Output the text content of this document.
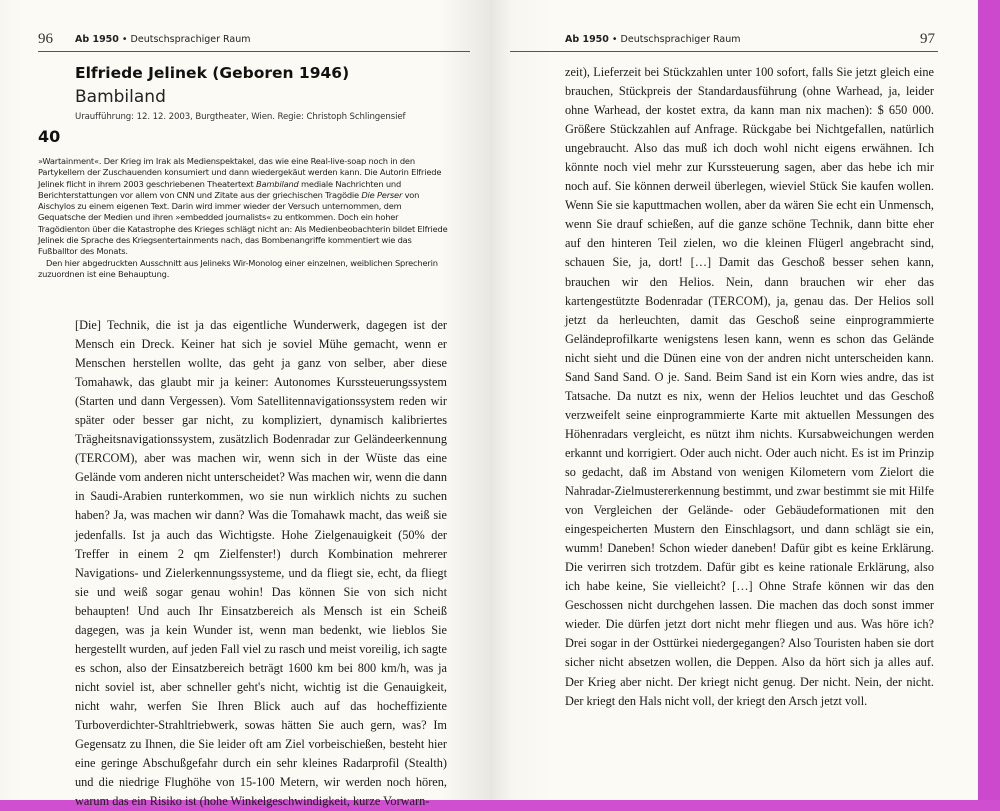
96 Ab 1950 • Deutschsprachiger Raum
Elfriede Jelinek (Geboren 1946)
Bambiland
Uraufführung: 12. 12. 2003, Burgtheater, Wien. Regie: Christoph Schlingensief
40

»Wartainment«. Der Krieg im Irak als Medienspektakel, das wie eine Real-live-soap noch in den Partykellern der Zuschauenden konsumiert und dann wiedergekäut werden kann. Die Autorin Elfriede Jelinek flicht in ihrem 2003 geschriebenen Theatertext Bambiland mediale Nachrichten und Berichterstattungen vor allem von CNN und Zitate aus der griechischen Tragödie Die Perser von Aischylos zu einem eigenen Text. Darin wird immer wieder der Versuch unternommen, dem Gequatsche der Medien und ihren »embedded journalists« zu entkommen. Doch ein hoher Tragödienton über die Katastrophe des Krieges schlägt nicht an: Als Medienbeobachterin bildet Elfriede Jelinek die Sprache des Kriegsentertainments nach, das Bombenangriffe kommentiert wie das Fußballtor des Monats.

Den hier abgedruckten Ausschnitt aus Jelineks Wir-Monolog einer einzelnen, weiblichen Sprecherin zuzuordnen ist eine Behauptung.

[Die] Technik, die ist ja das eigentliche Wunderwerk, dagegen ist der Mensch ein Dreck. Keiner hat sich je soviel Mühe gemacht, wenn er Menschen herstellen wollte, das geht ja ganz von selber, aber diese Tomahawk, das glaubt mir ja keiner: Autonomes Kurssteuerungssystem (Starten und dann Vergessen). Vom Satellitennavigationssystem reden wir später oder besser gar nicht, zu kompliziert, dynamisch kalibriertes Trägheitsnavigationssystem, zusätzlich Bodenradar zur Geländeerkennung (TERCOM), aber was machen wir, wenn sich in der Wüste das eine Gelände vom anderen nicht unterscheidet? Was machen wir, wenn die dann in Saudi-Arabien runterkommen, wo sie nun wirklich nichts zu suchen haben? Ja, was machen wir dann? Was die Tomahawk macht, das weiß sie jedenfalls. Ist ja auch das Wichtigste. Hohe Zielgenauigkeit (50% der Treffer in einem 2 qm Zielfenster!) durch Kombination mehrerer Navigations- und Zielerkennungssysteme, und da fliegt sie, echt, da fliegt sie und weiß sogar genau wohin! Das können Sie von sich nicht behaupten! Und auch Ihr Einsatzbereich als Mensch ist ein Scheiß dagegen, was ja kein Wunder ist, wenn man bedenkt, wie lieblos Sie hergestellt wurden, auf jeden Fall viel zu rasch und meist voreilig, ich sagte es schon, also der Einsatzbereich beträgt 1600 km bei 800 km/h, was ja nicht soviel ist, aber schneller geht's nicht, wichtig ist die Genauigkeit, nicht wahr, werfen Sie Ihren Blick auch auf das hocheffiziente Turboverdichter-Strahltriebwerk, sowas hätten Sie auch gern, was? Im Gegensatz zu Ihnen, die Sie leider oft am Ziel vorbeischießen, besteht hier eine geringe Abschußgefahr durch ein sehr kleines Radarprofil (Stealth) und die niedrige Flughöhe von 15-100 Metern, wir werden noch hören, warum das ein Risiko ist (hohe Winkelgeschwindigkeit, kurze Vorwarn-

Ab 1950 • Deutschsprachiger Raum	97

zeit), Lieferzeit bei Stückzahlen unter 100 sofort, falls Sie jetzt gleich eine brauchen, Stückpreis der Standardausführung (ohne Warhead, ja, leider ohne Warhead, der kostet extra, da kann man nix machen): $ 650 000. Größere Stückzahlen auf Anfrage. Rückgabe bei Nichtgefallen, natürlich ungebraucht. Also das muß ich doch wohl nicht eigens erwähnen. Ich könnte noch viel mehr zur Kurssteuerung sagen, aber das hebe ich mir noch auf. Sie können derweil überlegen, wieviel Stück Sie kaufen wollen. Wenn Sie sie kaputtmachen wollen, aber da wären Sie echt ein Unmensch, wenn Sie drauf schießen, auf die ganze schöne Technik, dann bitte eher auf den hinteren Teil zielen, wo die kleinen Flügerl angebracht sind, schauen Sie, ja, dort! […] Damit das Geschoß besser sehen kann, brauchen wir den Helios. Nein, dann brauchen wir eher das kartengestützte Bodenradar (TERCOM), ja, genau das. Der Helios soll jetzt da herleuchten, damit das Geschoß seine einprogrammierte Geländeprofilkarte wenigstens lesen kann, wenn es schon das Gelände nicht sieht und die Dünen eine von der andren nicht unterscheiden kann. Sand Sand Sand. O je. Sand. Beim Sand ist ein Korn wies andre, das ist Tatsache. Da nutzt es nix, wenn der Helios leuchtet und das Geschoß verzweifelt seine einprogrammierte Karte mit aktuellen Messungen des Höhenradars vergleicht, es nützt ihm nichts. Kursabweichungen werden erkannt und korrigiert. Oder auch nicht. Oder auch nicht. Es ist im Prinzip so gedacht, daß im Abstand von wenigen Kilometern vom Zielort die Nahradar-Zielmustererkennung bestimmt, und zwar bestimmt sie mit Hilfe von Vergleichen der Gelände- oder Gebäudeformationen mit den eingespeicherten Mustern den Einschlagsort, und dann schlägt sie ein, wumm! Daneben! Schon wieder daneben! Dafür gibt es keine Erklärung. Die verirren sich trotzdem. Dafür gibt es keine rationale Erklärung, also ich habe keine, Sie vielleicht? […] Ohne Strafe können wir das den Geschossen nicht durchgehen lassen. Die machen das doch sonst immer wieder. Die dürfen jetzt dort nicht mehr fliegen und aus. Was höre ich? Drei sogar in der Osttürkei niedergegangen? Also Touristen haben sie dort sicher nicht absetzen wollen, die Deppen. Also da hört sich ja alles auf. Der Krieg aber nicht. Der kriegt nicht genug. Der nicht. Nein, der nicht. Der kriegt den Hals nicht voll, der kriegt den Arsch jetzt voll.
